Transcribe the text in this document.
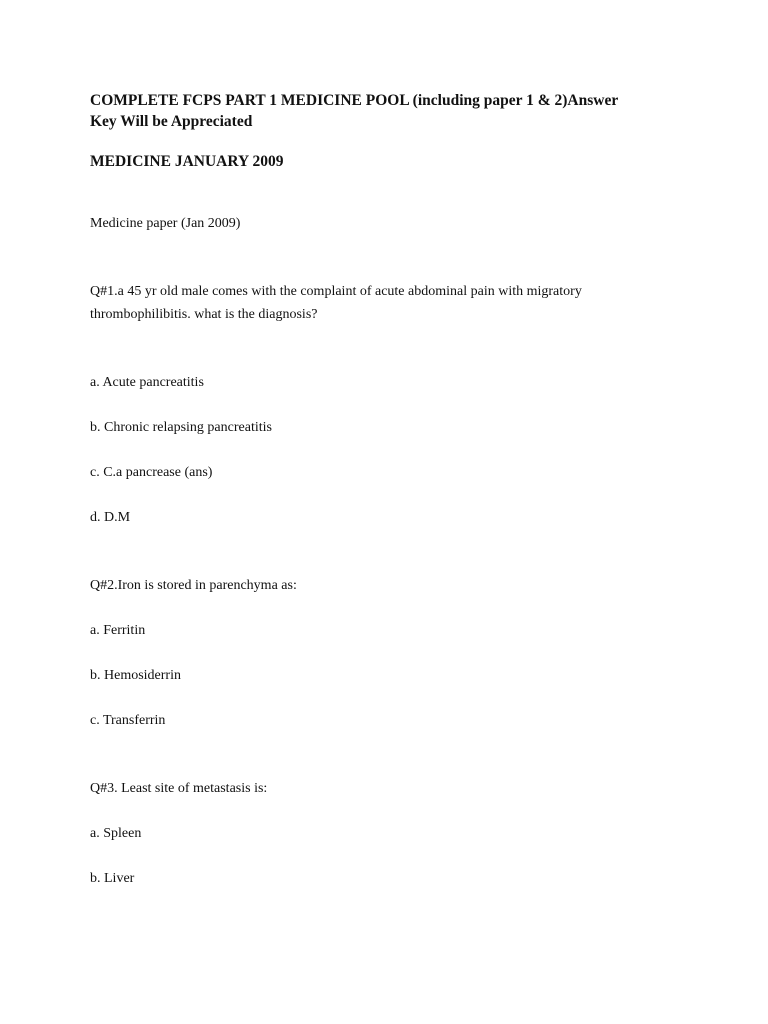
COMPLETE FCPS PART 1 MEDICINE POOL (including paper 1 & 2)Answer

Key Will be Appreciated

MEDICINE JANUARY 2009

Medicine paper (Jan 2009)

Q#1.a 45 yr old male comes with the complaint of acute abdominal pain with migratory

thrombophilibitis. what is the diagnosis?

a. Acute pancreatitis

b. Chronic relapsing pancreatitis

c. C.a pancrease (ans)

d. D.M

Q#2.Iron is stored in parenchyma as:

a. Ferritin

b. Hemosiderrin

c. Transferrin

Q#3. Least site of metastasis is:

a. Spleen

b. Liver
